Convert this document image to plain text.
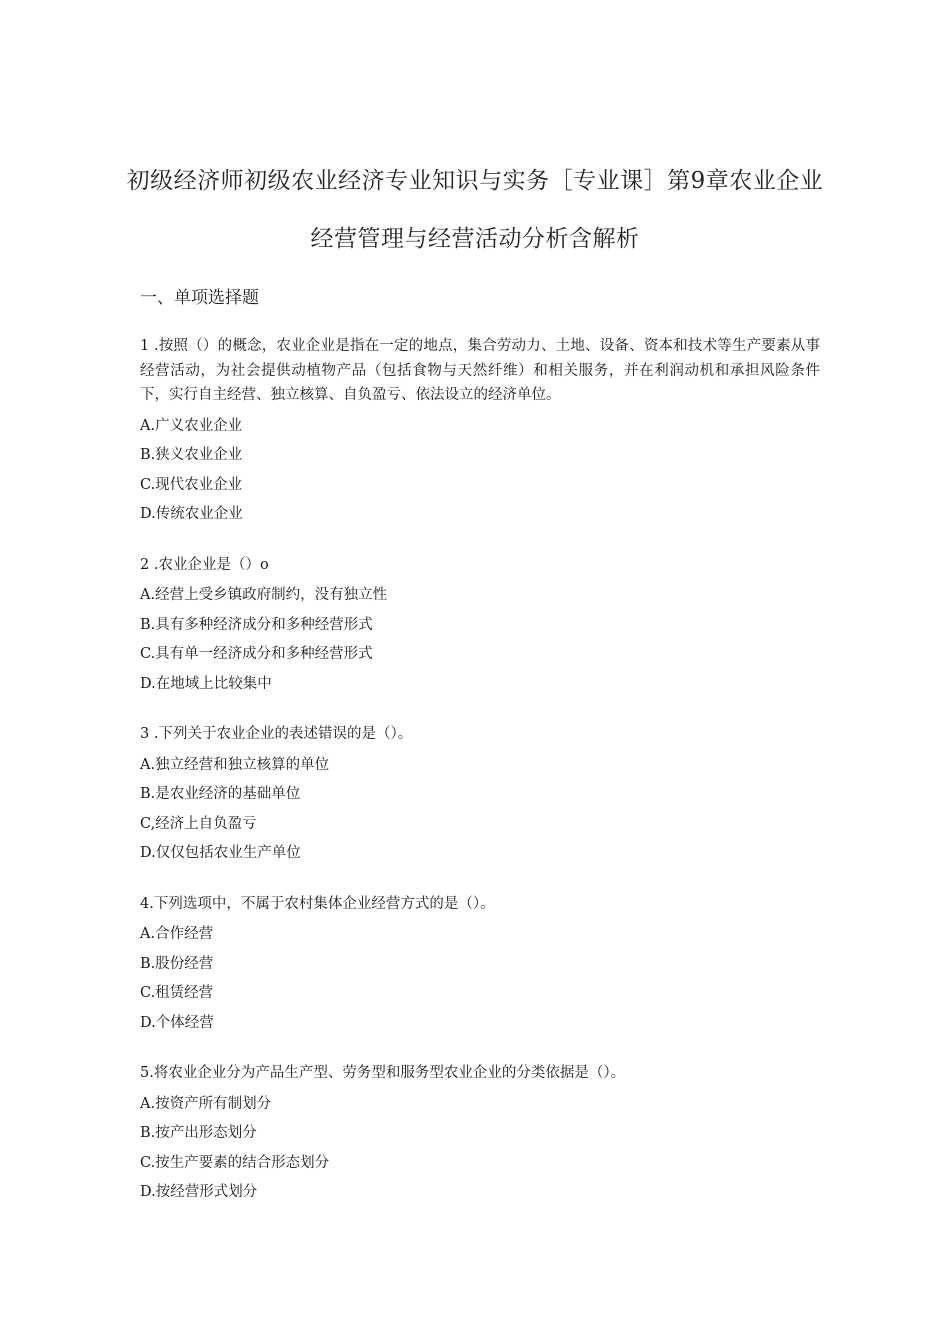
初级经济师初级农业经济专业知识与实务［专业课］第9章农业企业
经营管理与经营活动分析含解析
一、单项选择题

1 .按照（）的概念，农业企业是指在一定的地点，集合劳动力、土地、设备、资本和技术等生产要素从事经营活动，为社会提供动植物产品（包括食物与天然纤维）和相关服务，并在利润动机和承担风险条件下，实行自主经营、独立核算、自负盈亏、依法设立的经济单位。

A.广义农业企业

B.狭义农业企业

C.现代农业企业

D.传统农业企业

2 .农业企业是（）o

A.经营上受乡镇政府制约，没有独立性

B.具有多种经济成分和多种经营形式

C.具有单一经济成分和多种经营形式

D.在地域上比较集中

3 .下列关于农业企业的表述错误的是（）。

A.独立经营和独立核算的单位

B.是农业经济的基础单位

C,经济上自负盈亏

D.仅仅包括农业生产单位

4.下列选项中，不属于农村集体企业经营方式的是（）。

A.合作经营

B.股份经营

C.租赁经营

D.个体经营

5.将农业企业分为产品生产型、劳务型和服务型农业企业的分类依据是（）。

A.按资产所有制划分

B.按产出形态划分

C.按生产要素的结合形态划分

D.按经营形式划分
